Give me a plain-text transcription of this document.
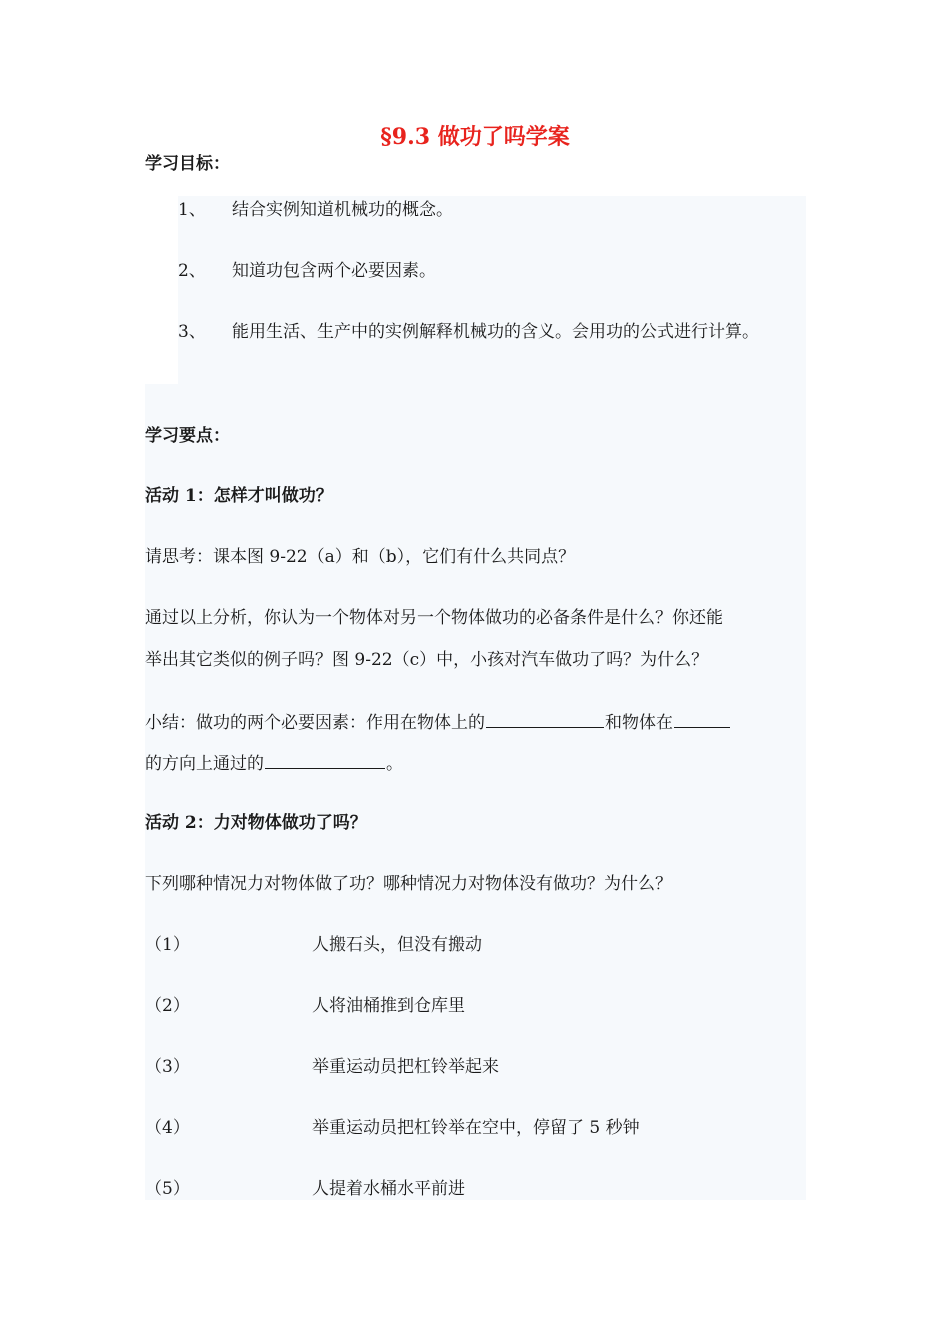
§9.3 做功了吗学案
学习目标：
1、 结合实例知道机械功的概念。
2、 知道功包含两个必要因素。
3、 能用生活、生产中的实例解释机械功的含义。会用功的公式进行计算。
学习要点：
活动 1：怎样才叫做功？
请思考：课本图 9-22（a）和（b），它们有什么共同点？
通过以上分析，你认为一个物体对另一个物体做功的必备条件是什么？你还能
举出其它类似的例子吗？图 9-22（c）中，小孩对汽车做功了吗？为什么？
小结：做功的两个必要因素：作用在物体上的	和物体在
的方向上通过的	。
活动 2：力对物体做功了吗？
下列哪种情况力对物体做了功？哪种情况力对物体没有做功？为什么？
（1）	人搬石头，但没有搬动
（2）	人将油桶推到仓库里
（3）	举重运动员把杠铃举起来
（4）	举重运动员把杠铃举在空中，停留了 5 秒钟
（5）	人提着水桶水平前进
